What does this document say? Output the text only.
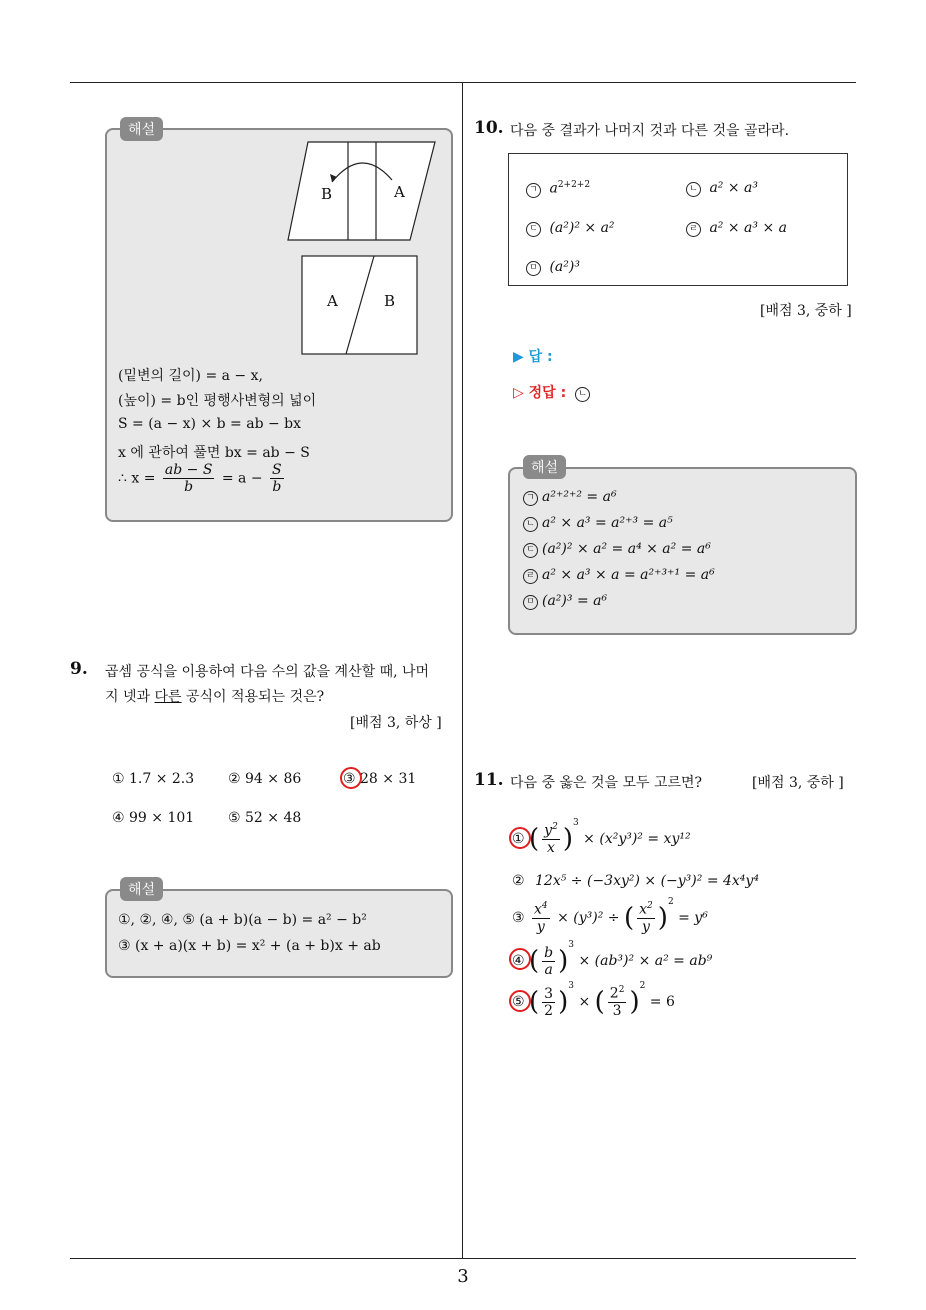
3
해설
B	A
A	B
(밑변의 길이) = a − x,
(높이) = b인 평행사변형의 넓이
S = (a − x) × b = ab − bx
x 에 관하여 풀면 bx = ab − S
∴ $x = \frac{ab - S}{b} = a - \frac{S}{b}$
9. 곱셈 공식을 이용하여 다음 수의 값을 계산할 때, 나머
지 넷과 다른 공식이 적용되는 것은?
[배점 3, 하상 ]
① 1.7 × 2.3 ② 94 × 86	③ 28 × 31
④ 99 × 101 ⑤ 52 × 48
해설
①, ②, ④, ⑤ (a + b)(a − b) = a² − b²
③ (x + a)(x + b) = x² + (a + b)x + ab
10. 다음 중 결과가 나머지 것과 다른 것을 골라라.
ㄱ $a^{2+2+2}$	ㄴ a² × a³
ㄷ (a²)² × a²	ㄹ a² × a³ × a
ㅁ (a²)³
[배점 3, 중하 ]
▶ 답 :
▷ 정답 : ㄴ
해설
ㄱ a²⁺²⁺² = a⁶
ㄴ a² × a³ = a²⁺³ = a⁵
ㄷ (a²)² × a² = a⁴ × a² = a⁶
ㄹ a² × a³ × a = a²⁺³⁺¹ = a⁶
ㅁ (a²)³ = a⁶
11. 다음 중 옳은 것을 모두 고르면?	[배점 3, 중하 ]
① ( $\frac{y^2}{x} )^3 \times (x^2y^3)^2 = xy^{12}$
② 12x⁵ ÷ (−3xy²) × (−y³)² = 4x⁴y⁴
③ $\frac{x^4}{y} \times (y^3)^2$ ÷ ( $\frac{x^2}{y} )^2 = y^6$
④ ( $\frac{b}{a} )^3 \times (ab^3)^2 \times a^2 = ab^9$
⑤ ( $\frac{3}{2} )^3$ × ( $\frac{2^2}{3} )^2 = 6$
